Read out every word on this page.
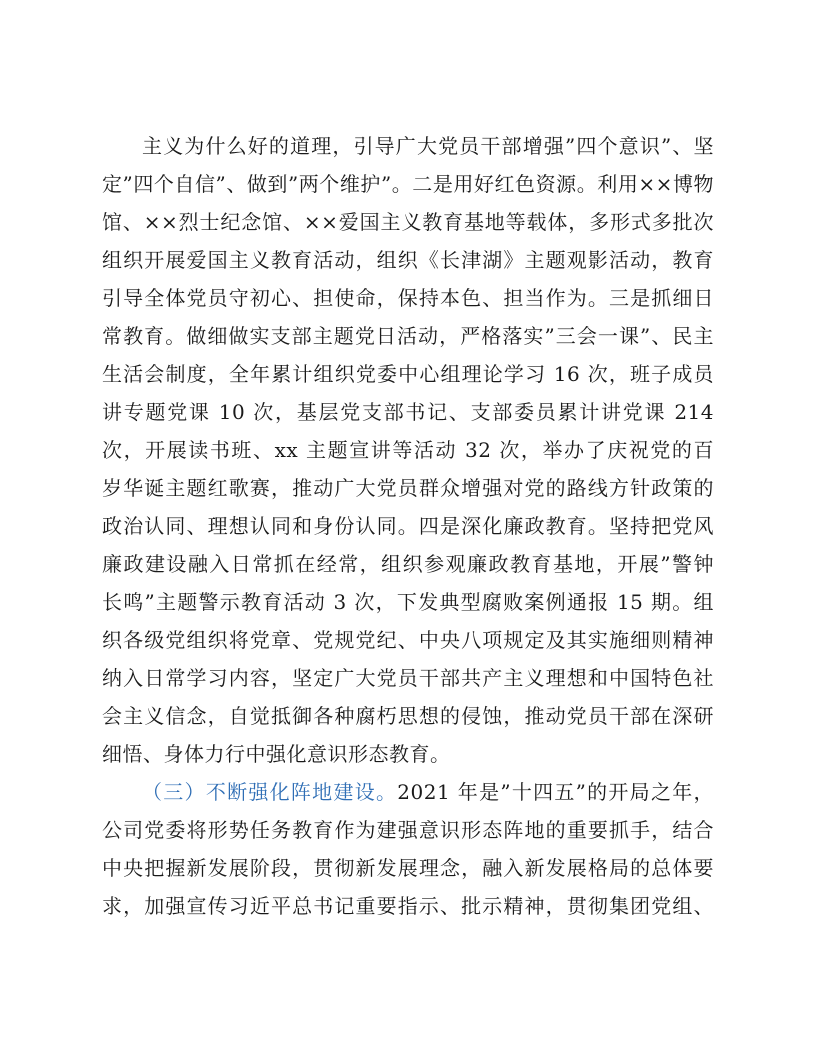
主义为什么好的道理，引导广大党员干部增强”四个意识”、坚
定”四个自信”、做到”两个维护”。二是用好红色资源。利用××博物
馆、××烈士纪念馆、××爱国主义教育基地等载体，多形式多批次
组织开展爱国主义教育活动，组织《长津湖》主题观影活动，教育
引导全体党员守初心、担使命，保持本色、担当作为。三是抓细日
常教育。做细做实支部主题党日活动，严格落实”三会一课”、民主
生活会制度，全年累计组织党委中心组理论学习 16 次，班子成员
讲专题党课 10 次，基层党支部书记、支部委员累计讲党课 214
次，开展读书班、xx 主题宣讲等活动 32 次，举办了庆祝党的百
岁华诞主题红歌赛，推动广大党员群众增强对党的路线方针政策的
政治认同、理想认同和身份认同。四是深化廉政教育。坚持把党风
廉政建设融入日常抓在经常，组织参观廉政教育基地，开展”警钟
长鸣”主题警示教育活动 3 次，下发典型腐败案例通报 15 期。组
织各级党组织将党章、党规党纪、中央八项规定及其实施细则精神
纳入日常学习内容，坚定广大党员干部共产主义理想和中国特色社
会主义信念，自觉抵御各种腐朽思想的侵蚀，推动党员干部在深研
细悟、身体力行中强化意识形态教育。
（三）不断强化阵地建设。2021 年是”十四五”的开局之年，
公司党委将形势任务教育作为建强意识形态阵地的重要抓手，结合
中央把握新发展阶段，贯彻新发展理念，融入新发展格局的总体要
求，加强宣传习近平总书记重要指示、批示精神，贯彻集团党组、
